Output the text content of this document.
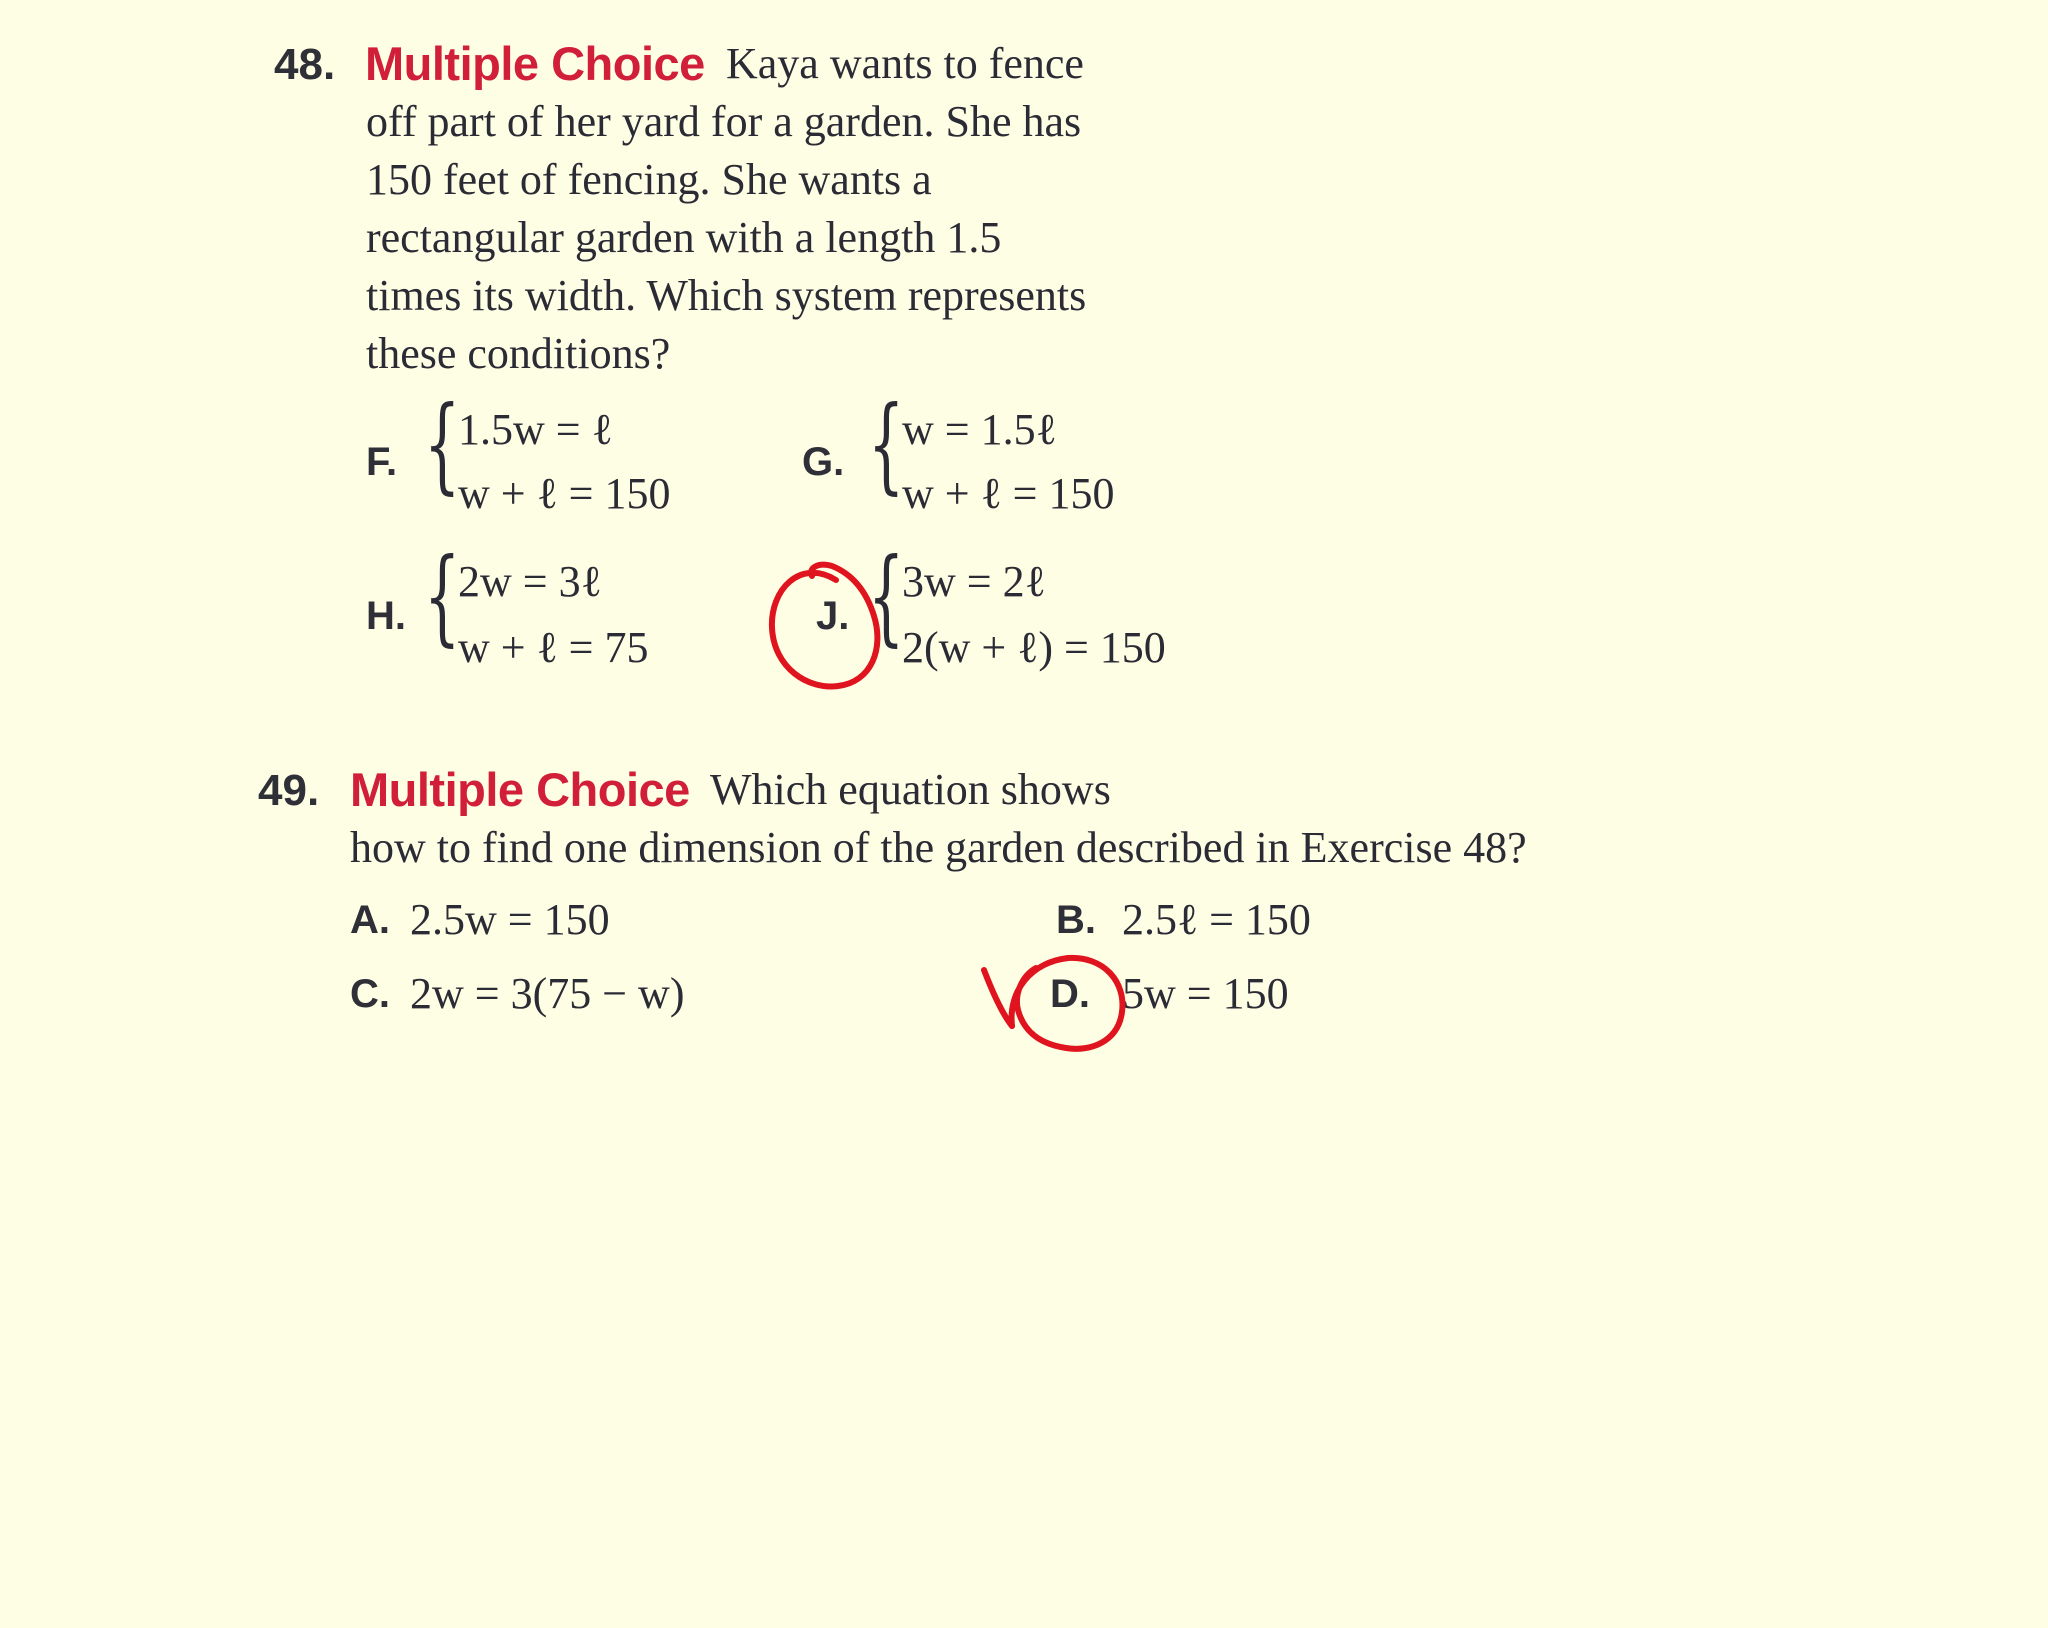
48. Multiple Choice Kaya wants to fence
off part of her yard for a garden. She has
150 feet of fencing. She wants a
rectangular garden with a length 1.5
times its width. Which system represents
these conditions?
F. {
1.5w = ℓ
w + ℓ = 150
G. {
w = 1.5ℓ
w + ℓ = 150
H. {
2w = 3ℓ
w + ℓ = 75
J. {
3w = 2ℓ
2(w + ℓ) = 150
49. Multiple Choice Which equation shows
how to find one dimension of the garden described in Exercise 48?
A. 2.5w = 150	B. 2.5ℓ = 150
C. 2w = 3(75 − w)	D. 5w = 150
